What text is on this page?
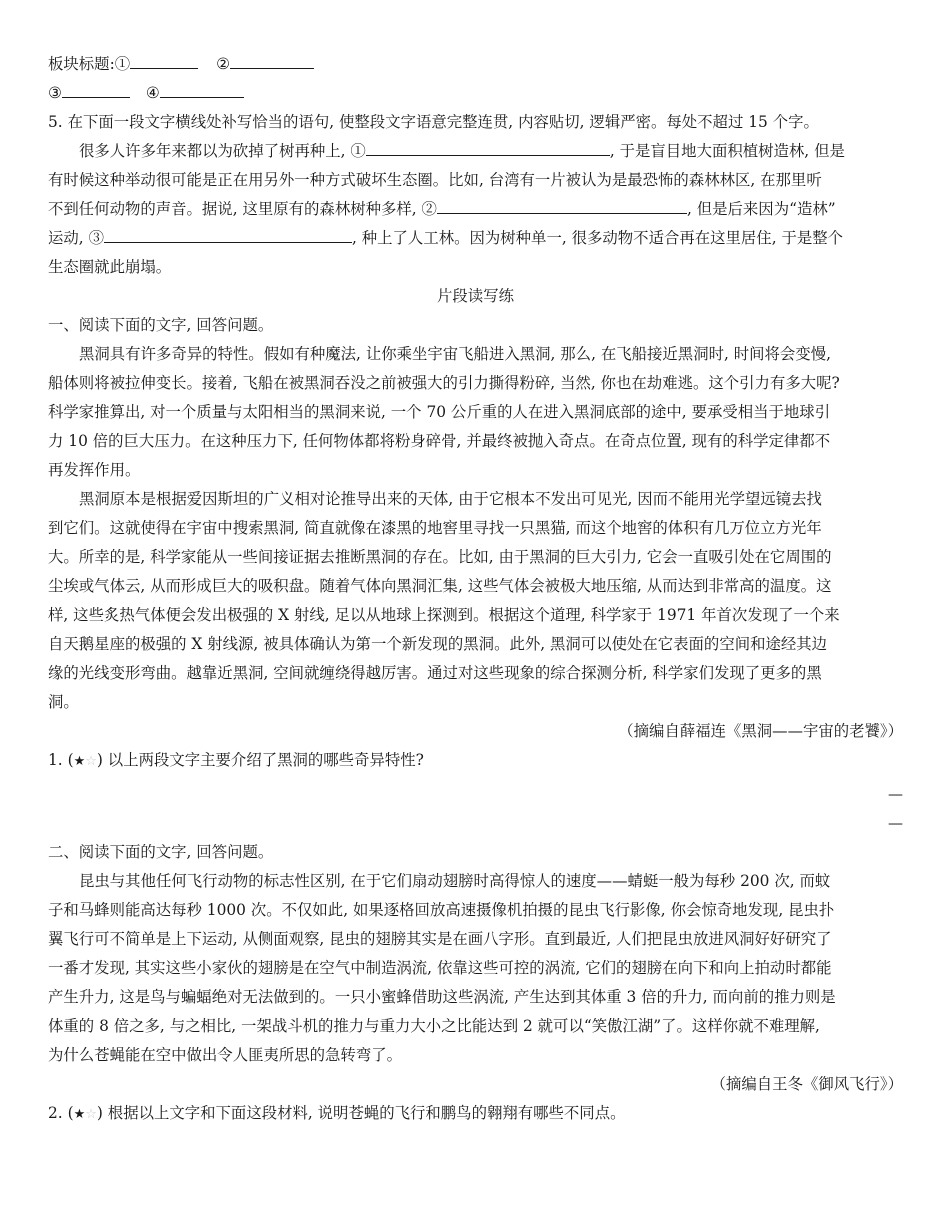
板块标题:①	②
③	④
5. 在下面一段文字横线处补写恰当的语句, 使整段文字语意完整连贯, 内容贴切, 逻辑严密。每处不超过 15 个字。
很多人许多年来都以为砍掉了树再种上, ①	, 于是盲目地大面积植树造林, 但是
有时候这种举动很可能是正在用另外一种方式破坏生态圈。比如, 台湾有一片被认为是最恐怖的森林林区, 在那里听
不到任何动物的声音。据说, 这里原有的森林树种多样, ②	, 但是后来因为“造林”
运动, ③	, 种上了人工林。因为树种单一, 很多动物不适合再在这里居住, 于是整个
生态圈就此崩塌。
片段读写练
一、阅读下面的文字, 回答问题。
黑洞具有许多奇异的特性。假如有种魔法, 让你乘坐宇宙飞船进入黑洞, 那么, 在飞船接近黑洞时, 时间将会变慢,
船体则将被拉伸变长。接着, 飞船在被黑洞吞没之前被强大的引力撕得粉碎, 当然, 你也在劫难逃。这个引力有多大呢?
科学家推算出, 对一个质量与太阳相当的黑洞来说, 一个 70 公斤重的人在进入黑洞底部的途中, 要承受相当于地球引
力 10 倍的巨大压力。在这种压力下, 任何物体都将粉身碎骨, 并最终被抛入奇点。在奇点位置, 现有的科学定律都不
再发挥作用。
黑洞原本是根据爱因斯坦的广义相对论推导出来的天体, 由于它根本不发出可见光, 因而不能用光学望远镜去找
到它们。这就使得在宇宙中搜索黑洞, 简直就像在漆黑的地窖里寻找一只黑猫, 而这个地窖的体积有几万位立方光年
大。所幸的是, 科学家能从一些间接证据去推断黑洞的存在。比如, 由于黑洞的巨大引力, 它会一直吸引处在它周围的
尘埃或气体云, 从而形成巨大的吸积盘。随着气体向黑洞汇集, 这些气体会被极大地压缩, 从而达到非常高的温度。这
样, 这些炙热气体便会发出极强的 X 射线, 足以从地球上探测到。根据这个道理, 科学家于 1971 年首次发现了一个来
自天鹅星座的极强的 X 射线源, 被具体确认为第一个新发现的黑洞。此外, 黑洞可以使处在它表面的空间和途经其边
缘的光线变形弯曲。越靠近黑洞, 空间就缠绕得越厉害。通过对这些现象的综合探测分析, 科学家们发现了更多的黑
洞。
（摘编自薛福连《黑洞——宇宙的老饕》）
1. (★☆) 以上两段文字主要介绍了黑洞的哪些奇异特性?
—
—
二、阅读下面的文字, 回答问题。
昆虫与其他任何飞行动物的标志性区别, 在于它们扇动翅膀时高得惊人的速度——蜻蜓一般为每秒 200 次, 而蚊
子和马蜂则能高达每秒 1000 次。不仅如此, 如果逐格回放高速摄像机拍摄的昆虫飞行影像, 你会惊奇地发现, 昆虫扑
翼飞行可不简单是上下运动, 从侧面观察, 昆虫的翅膀其实是在画八字形。直到最近, 人们把昆虫放进风洞好好研究了
一番才发现, 其实这些小家伙的翅膀是在空气中制造涡流, 依靠这些可控的涡流, 它们的翅膀在向下和向上拍动时都能
产生升力, 这是鸟与蝙蝠绝对无法做到的。一只小蜜蜂借助这些涡流, 产生达到其体重 3 倍的升力, 而向前的推力则是
体重的 8 倍之多, 与之相比, 一架战斗机的推力与重力大小之比能达到 2 就可以“笑傲江湖”了。这样你就不难理解,
为什么苍蝇能在空中做出令人匪夷所思的急转弯了。
（摘编自王冬《御风飞行》）
2. (★☆) 根据以上文字和下面这段材料, 说明苍蝇的飞行和鹏鸟的翱翔有哪些不同点。
